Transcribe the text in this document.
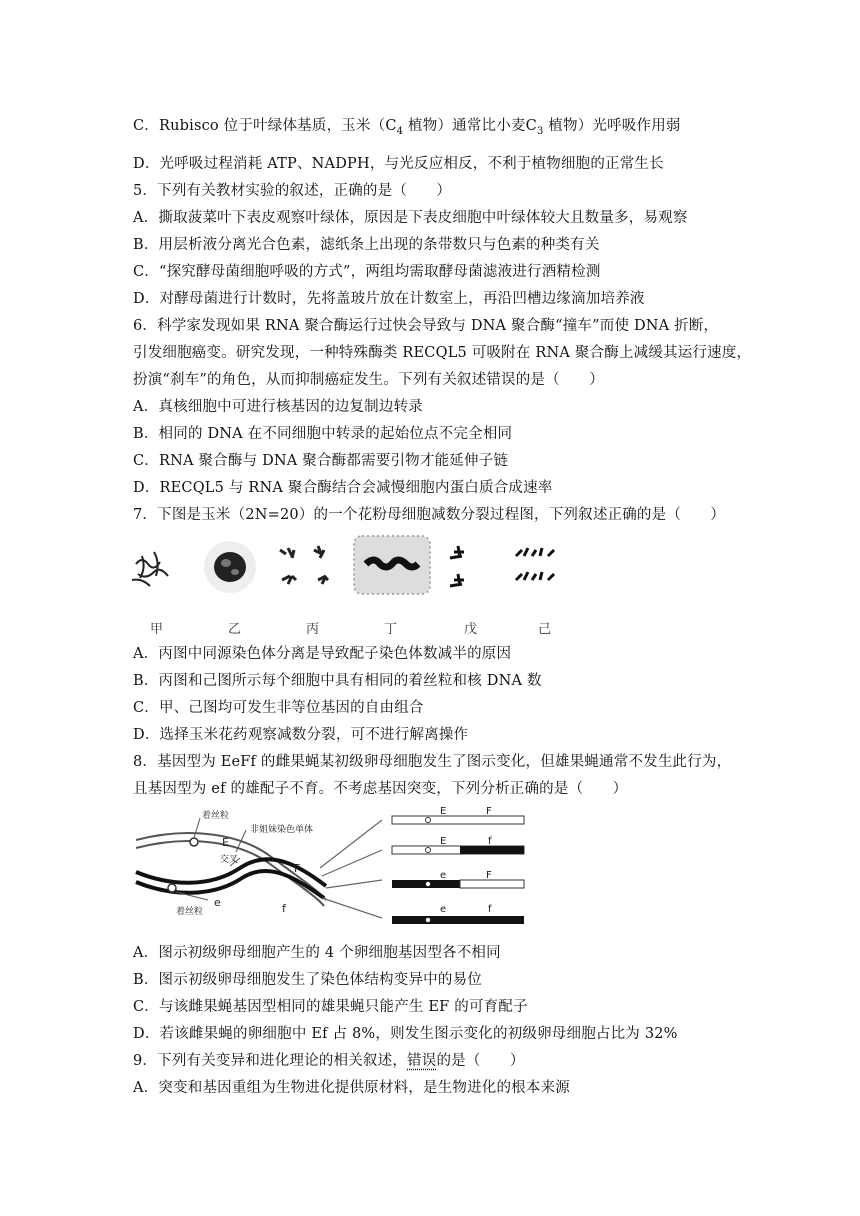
C．Rubisco 位于叶绿体基质，玉米（$C_4$ 植物）通常比小麦$C_3$ 植物）光呼吸作用弱
D．光呼吸过程消耗 ATP、NADPH，与光反应相反，不利于植物细胞的正常生长
5．下列有关教材实验的叙述，正确的是（　　）
A．撕取菠菜叶下表皮观察叶绿体，原因是下表皮细胞中叶绿体较大且数量多，易观察
B．用层析液分离光合色素，滤纸条上出现的条带数只与色素的种类有关
C．“探究酵母菌细胞呼吸的方式”，两组均需取酵母菌滤液进行酒精检测
D．对酵母菌进行计数时，先将盖玻片放在计数室上，再沿凹槽边缘滴加培养液
6．科学家发现如果 RNA 聚合酶运行过快会导致与 DNA 聚合酶“撞车”而使 DNA 折断，
引发细胞癌变。研究发现，一种特殊酶类 RECQL5 可吸附在 RNA 聚合酶上减缓其运行速度，
扮演“刹车”的角色，从而抑制癌症发生。下列有关叙述错误的是（　　）
A．真核细胞中可进行核基因的边复制边转录
B．相同的 DNA 在不同细胞中转录的起始位点不完全相同
C．RNA 聚合酶与 DNA 聚合酶都需要引物才能延伸子链
D．RECQL5 与 RNA 聚合酶结合会减慢细胞内蛋白质合成速率
7．下图是玉米（2N=20）的一个花粉母细胞减数分裂过程图，下列叙述正确的是（　　）
甲	乙	丙	丁	戊	己
A．丙图中同源染色体分离是导致配子染色体数减半的原因
B．丙图和己图所示每个细胞中具有相同的着丝粒和核 DNA 数
C．甲、己图均可发生非等位基因的自由组合
D．选择玉米花药观察减数分裂，可不进行解离操作
8．基因型为 EeFf 的雌果蝇某初级卵母细胞发生了图示变化，但雄果蝇通常不发生此行为，
且基因型为 ef 的雄配子不育。不考虑基因突变，下列分析正确的是（　　）
着丝粒
E
非姐妹染色单体
交叉
F
着丝粒
e	f
E	F
E	f
e	F
e	f
A．图示初级卵母细胞产生的 4 个卵细胞基因型各不相同
B．图示初级卵母细胞发生了染色体结构变异中的易位
C．与该雌果蝇基因型相同的雄果蝇只能产生 EF 的可育配子
D．若该雌果蝇的卵细胞中 Ef 占 8%，则发生图示变化的初级卵母细胞占比为 32%
9．下列有关变异和进化理论的相关叙述，错误的是（　　）
A．突变和基因重组为生物进化提供原材料，是生物进化的根本来源
